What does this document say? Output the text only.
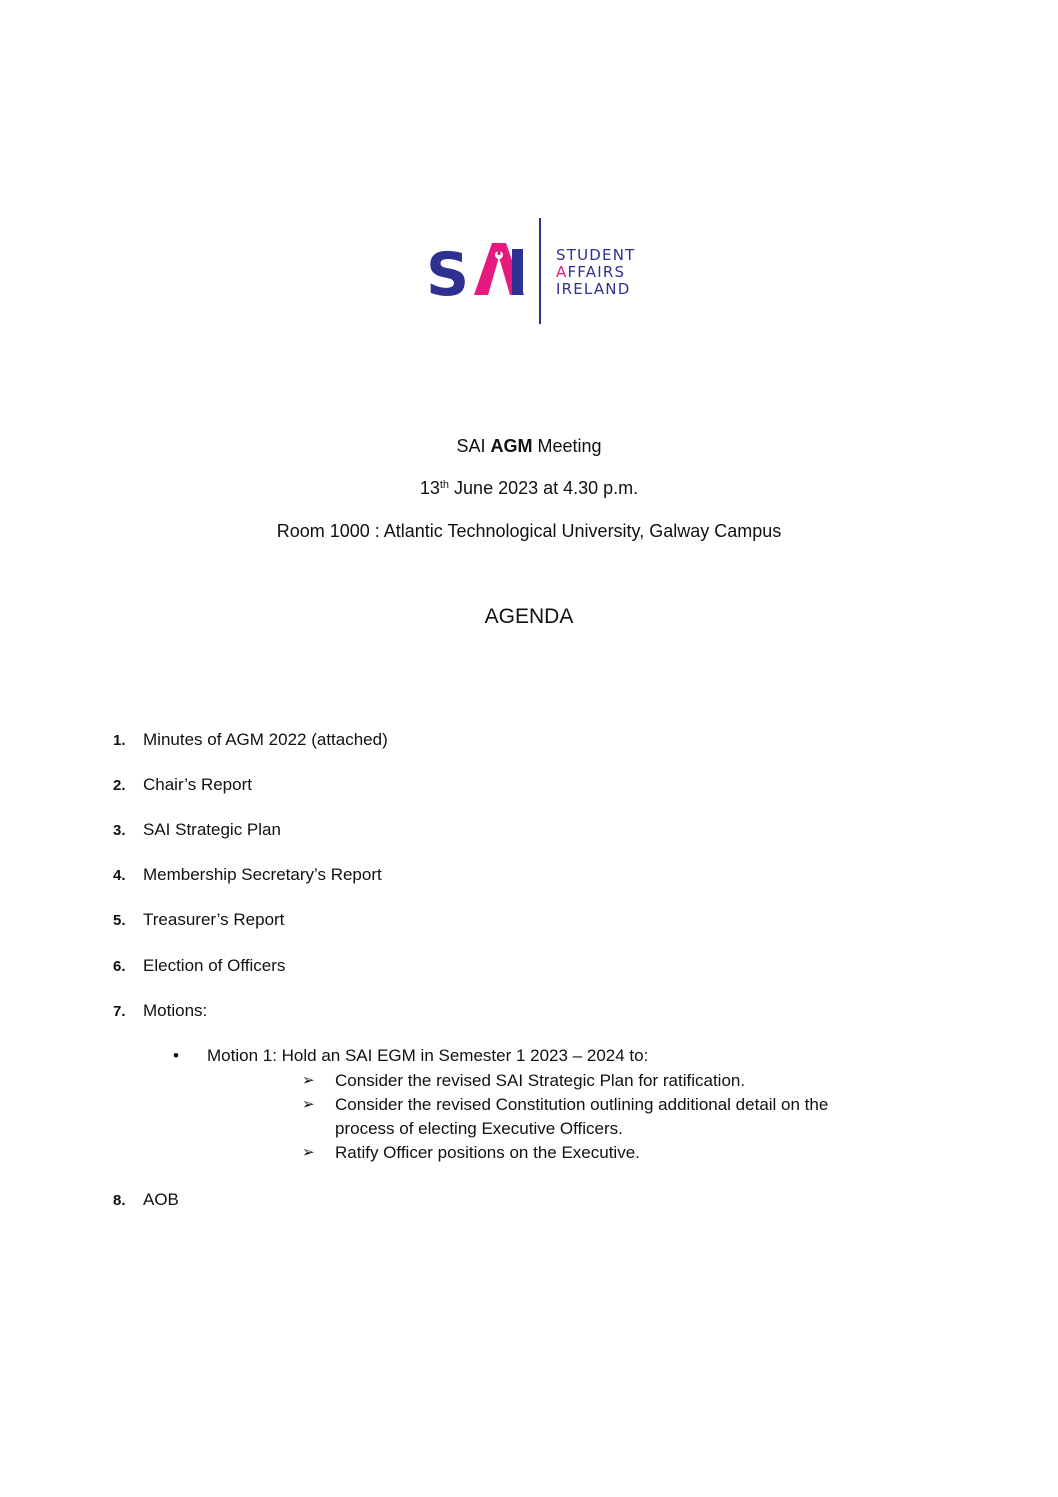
S	STUDENT
AFFAIRS
IRELAND
SAI AGM Meeting
13th June 2023 at 4.30 p.m.
Room 1000 : Atlantic Technological University, Galway Campus
AGENDA
1. Minutes of AGM 2022 (attached)
2. Chair’s Report
3. SAI Strategic Plan
4. Membership Secretary’s Report
5. Treasurer’s Report
6. Election of Officers
7. Motions:
• Motion 1: Hold an SAI EGM in Semester 1 2023 – 2024 to:
➢	Consider the revised SAI Strategic Plan for ratification.
➢	Consider the revised Constitution outlining additional detail on the process of electing Executive Officers.
➢	Ratify Officer positions on the Executive.
8. AOB
